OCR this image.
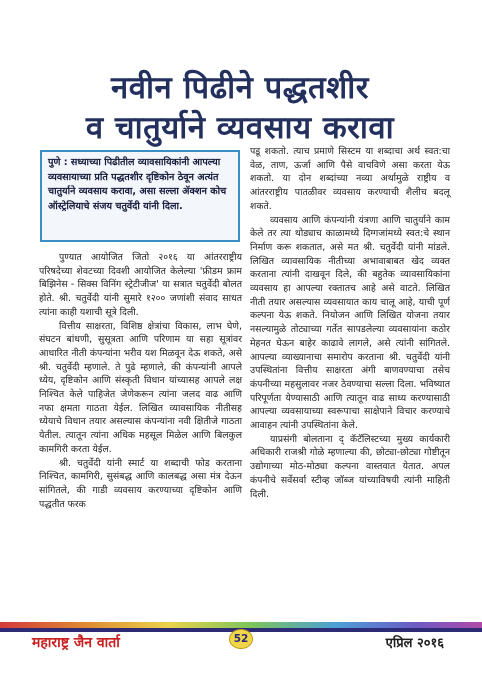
नवीन पिढीने पद्धतशीर
व चातुर्याने व्यवसाय करावा
पुणे : सध्याच्या पिढीतील व्यावसायिकांनी आपल्या व्यवसायाच्या प्रति पद्धतशीर दृष्टिकोन ठेवून अत्यंत चातुर्याने व्यवसाय करावा, असा सल्ला ॲक्शन कोच ऑस्ट्रेलियाचे संजय चतुर्वेदी यांनी दिला.

पुण्यात आयोजित जितो २०१६ या आंतरराष्ट्रीय परिषदेच्या शेवटच्या दिवशी आयोजित केलेल्या 'फ्रीडम फ्राम बिझिनेस - सिक्स विनिंग स्ट्रेटीजीज' या सत्रात चतुर्वेदी बोलत होते. श्री. चतुर्वेदी यांनी सुमारे १२०० जणांशी संवाद साधत त्यांना काही यशाची सूत्रे दिली.

वित्तीय साक्षरता, विशिष्ठ क्षेत्रांचा विकास, लाभ घेणे, संघटन बांधणी, सुसूत्रता आणि परिणाम या सहा सूत्रांवर आधारित नीती कंपन्यांना भरीव यश मिळवून देऊ शकते, असे श्री. चतुर्वेदी म्हणाले. ते पुढे म्हणाले, की कंपन्यांनी आपले ध्येय, दृष्टिकोन आणि संस्कृती विधान यांच्यासह आपले लक्ष निश्चित केले पाहिजेत जेणेकरून त्यांना जलद वाढ आणि नफा क्षमता गाठता येईल. लिखित व्यावसायिक नीतीसह ध्येयाचे विधान तयार असल्यास कंपन्यांना नवी क्षितीजे गाठता येतील. त्यातून त्यांना अधिक महसूल मिळेल आणि बिलकुल कामगिरी करता येईल.

श्री. चतुर्वेदी यांनी स्मार्ट या शब्दाची फोड करताना निश्चित, कामगिरी, सुसंबद्ध आणि कालबद्ध असा मंत्र देऊन सांगितले, की गाडी व्यवसाय करण्याच्या दृष्टिकोन आणि पद्धतीत फरक

पडू शकतो. त्याच प्रमाणे सिस्टम या शब्दाचा अर्थ स्वत:चा वेळ, ताण, ऊर्जा आणि पैसे वाचविणे असा करता येऊ शकतो. या दोन शब्दांच्या नव्या अर्थामुळे राष्ट्रीय व आंतरराष्ट्रीय पातळीवर व्यवसाय करण्याची शैलीच बदलू शकते.

व्यवसाय आणि कंपन्यांनी यंत्रणा आणि चातुर्याने काम केले तर त्या थोड्याच काळामध्ये दिग्गजांमध्ये स्वत:चे स्थान निर्माण करू शकतात, असे मत श्री. चतुर्वेदी यांनी मांडले. लिखित व्यावसायिक नीतीच्या अभावाबाबत खेद व्यक्त करताना त्यांनी दाखवून दिले, की बहुतेक व्यावसायिकांना व्यवसाय हा आपल्या रक्तातच आहे असे वाटते. लिखित नीती तयार असल्यास व्यवसायात काय चालू आहे, याची पूर्ण कल्पना येऊ शकते. नियोजन आणि लिखित योजना तयार नसल्यामुळे तोट्याच्या गर्तेत सापडलेल्या व्यवसायांना कठोर मेहनत घेऊन बाहेर काढावे लागले, असे त्यांनी सांगितले. आपल्या व्याख्यानाचा समारोप करताना श्री. चतुर्वेदी यांनी उपस्थितांना वित्तीय साक्षरता अंगी बाणवण्याचा तसेच कंपनीच्या महसुलावर नजर ठेवण्याचा सल्ला दिला. भविष्यात परिपूर्णता येण्यासाठी आणि त्यातून वाढ साध्य करण्यासाठी आपल्या व्यवसायाच्या स्वरूपाचा साक्षेपाने विचार करण्याचे आवाहन त्यांनी उपस्थितांना केले.

याप्रसंगी बोलताना द् कॅटॅलिस्टच्या मुख्य कार्यकारी अधिकारी राजश्री गोळे म्हणाल्या की, छोट्या-छोट्या गोष्टीतून उद्योगाच्या मोठ-मोठ्या कल्पना वास्तवात येतात. अपल कंपनीचे सर्वेसर्वा स्टीव्ह जॉब्ज यांच्याविषयी त्यांनी माहिती दिली.

महाराष्ट्र जैन वार्ता	52	एप्रिल २०१६
